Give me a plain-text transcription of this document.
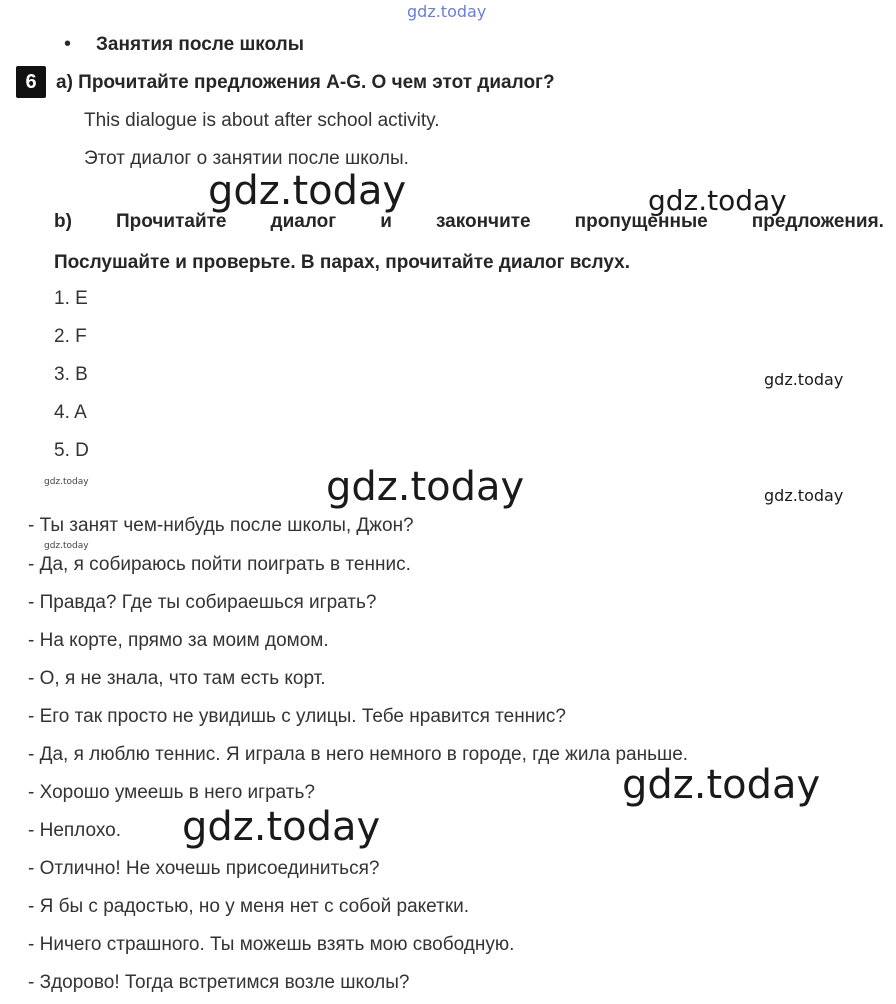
gdz.today
• Занятия после школы
6	a) Прочитайте предложения A-G. О чем этот диалог?
This dialogue is about after school activity.
Этот диалог о занятии после школы.
gdz.today	gdz.today
b) Прочитайте диалог и закончите пропущенные предложения.
Послушайте и проверьте. В парах, прочитайте диалог вслух.
1. E
2. F
3. B
4. A
5. D
gdz.today
gdz.today
gdz.today	gdz.today
- Ты занят чем-нибудь после школы, Джон?
gdz.today
- Да, я собираюсь пойти поиграть в теннис.
- Правда? Где ты собираешься играть?
- На корте, прямо за моим домом.
- О, я не знала, что там есть корт.
- Его так просто не увидишь с улицы. Тебе нравится теннис?
- Да, я люблю теннис. Я играла в него немного в городе, где жила раньше.
- Хорошо умеешь в него играть?
- Неплохо.
- Отлично! Не хочешь присоединиться?
- Я бы с радостью, но у меня нет с собой ракетки.
- Ничего страшного. Ты можешь взять мою свободную.
- Здорово! Тогда встретимся возле школы?
gdz.today
gdz.today
